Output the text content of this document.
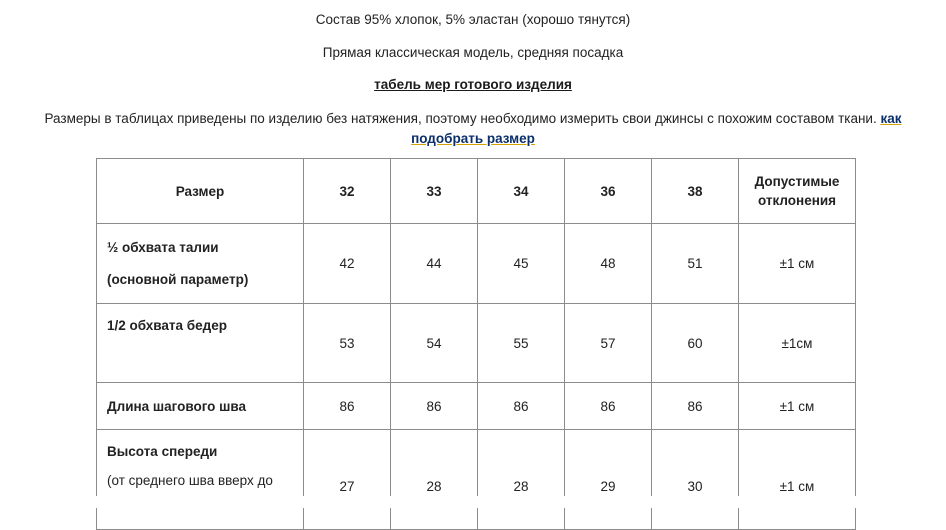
Состав 95% хлопок, 5% эластан (хорошо тянутся)
Прямая классическая модель, средняя посадка
табель мер готового изделия
Размеры в таблицах приведены по изделию без натяжения, поэтому необходимо измерить свои джинсы с похожим составом ткани. как подобрать размер
Размер	32	33	34	36	38	Допустимые отклонения

½ обхвата талии
(основной параметр)	42	44	45	48	51	±1 см

1/2 обхвата бедер	53	54	55	57	60	±1см
Длина шагового шва	86	86	86	86	86	±1 см

Высота спереди
(от среднего шва вверх до	27	28	28	29	30	±1 см
